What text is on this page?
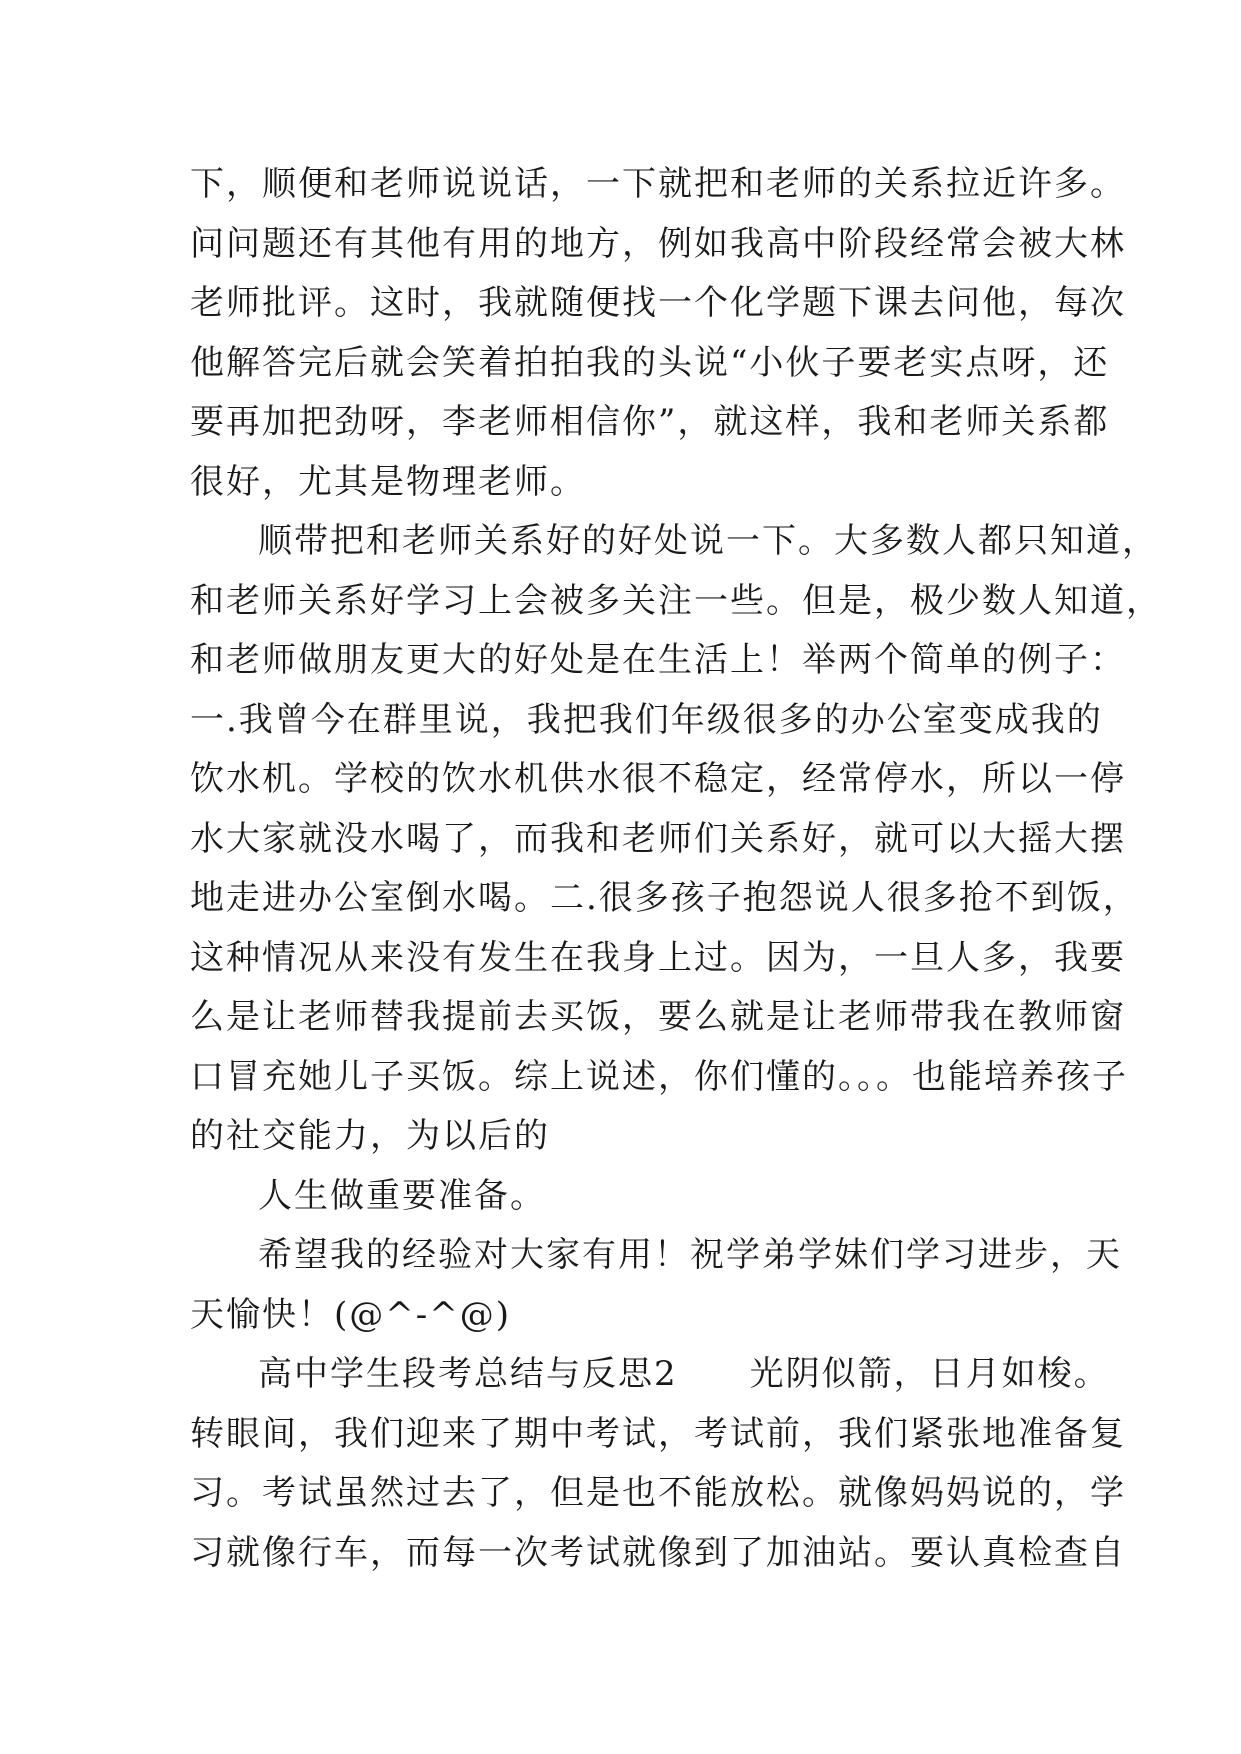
下，顺便和老师说说话，一下就把和老师的关系拉近许多。
问问题还有其他有用的地方，例如我高中阶段经常会被大林
老师批评。这时，我就随便找一个化学题下课去问他，每次
他解答完后就会笑着拍拍我的头说“小伙子要老实点呀，还
要再加把劲呀，李老师相信你”，就这样，我和老师关系都
很好，尤其是物理老师。
顺带把和老师关系好的好处说一下。大多数人都只知道，
和老师关系好学习上会被多关注一些。但是，极少数人知道，
和老师做朋友更大的好处是在生活上！举两个简单的例子：
一.我曾今在群里说，我把我们年级很多的办公室变成我的
饮水机。学校的饮水机供水很不稳定，经常停水，所以一停
水大家就没水喝了，而我和老师们关系好，就可以大摇大摆
地走进办公室倒水喝。二.很多孩子抱怨说人很多抢不到饭，
这种情况从来没有发生在我身上过。因为，一旦人多，我要
么是让老师替我提前去买饭，要么就是让老师带我在教师窗
口冒充她儿子买饭。综上说述，你们懂的。。。也能培养孩子
的社交能力，为以后的
人生做重要准备。
希望我的经验对大家有用！祝学弟学妹们学习进步，天
天愉快！(@^-^@)
高中学生段考总结与反思2　　光阴似箭，日月如梭。
转眼间，我们迎来了期中考试，考试前，我们紧张地准备复
习。考试虽然过去了，但是也不能放松。就像妈妈说的，学
习就像行车，而每一次考试就像到了加油站。要认真检查自
